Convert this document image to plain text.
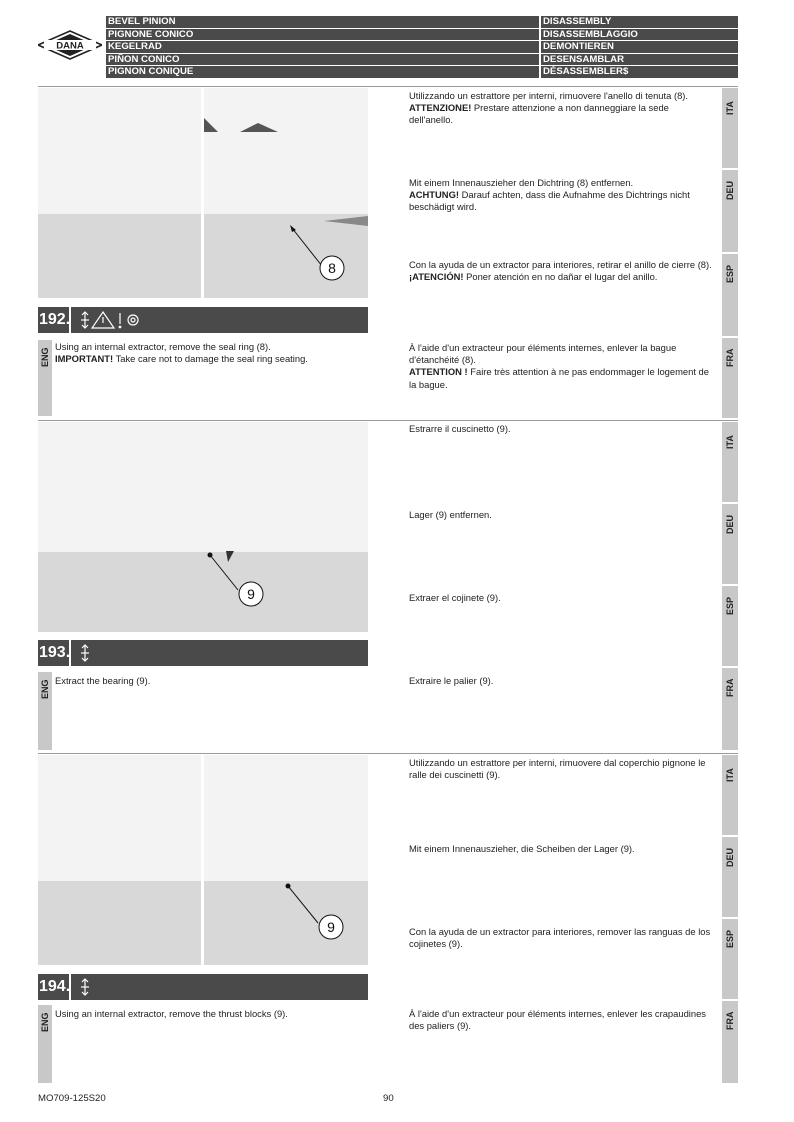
DANA
BEVEL PINION
PIGNONE CONICO
KEGELRAD
PIÑON CONICO
PIGNON CONIQUE
DISASSEMBLY
DISASSEMBLAGGIO
DEMONTIEREN
DESENSAMBLAR
DÉSASSEMBLER$
8
192.
ENG
Using an internal extractor, remove the seal ring (8).
IMPORTANT! Take care not to damage the seal ring seating.
ITA
Utilizzando un estrattore per interni, rimuovere l'anello di tenuta (8).
ATTENZIONE! Prestare attenzione a non danneggiare la sede dell'anello.
DEU
Mit einem Innenauszieher den Dichtring (8) entfernen.
ACHTUNG! Darauf achten, dass die Aufnahme des Dichtrings nicht beschädigt wird.
ESP
Con la ayuda de un extractor para interiores, retirar el anillo de cierre (8).
¡ATENCIÓN! Poner atención en no dañar el lugar del anillo.
FRA
À l'aide d'un extracteur pour éléments internes, enlever la bague d'étanchéité (8).
ATTENTION ! Faire très attention à ne pas endommager le logement de la bague.
9
193.
ENG Extract the bearing (9).
ITA
Estrarre il cuscinetto (9).
DEU
Lager (9) entfernen.
ESP
Extraer el cojinete (9).
FRA
Extraire le palier (9).
9
194.
ENG Using an internal extractor, remove the thrust blocks (9).
ITA
Utilizzando un estrattore per interni, rimuovere dal coperchio pignone le ralle dei cuscinetti (9).
DEU
Mit einem Innenauszieher, die Scheiben der Lager (9).
ESP
Con la ayuda de un extractor para interiores, remover las ranguas de los cojinetes (9).
FRA
À l'aide d'un extracteur pour éléments internes, enlever les crapaudines des paliers (9).
MO709-125S20	90
